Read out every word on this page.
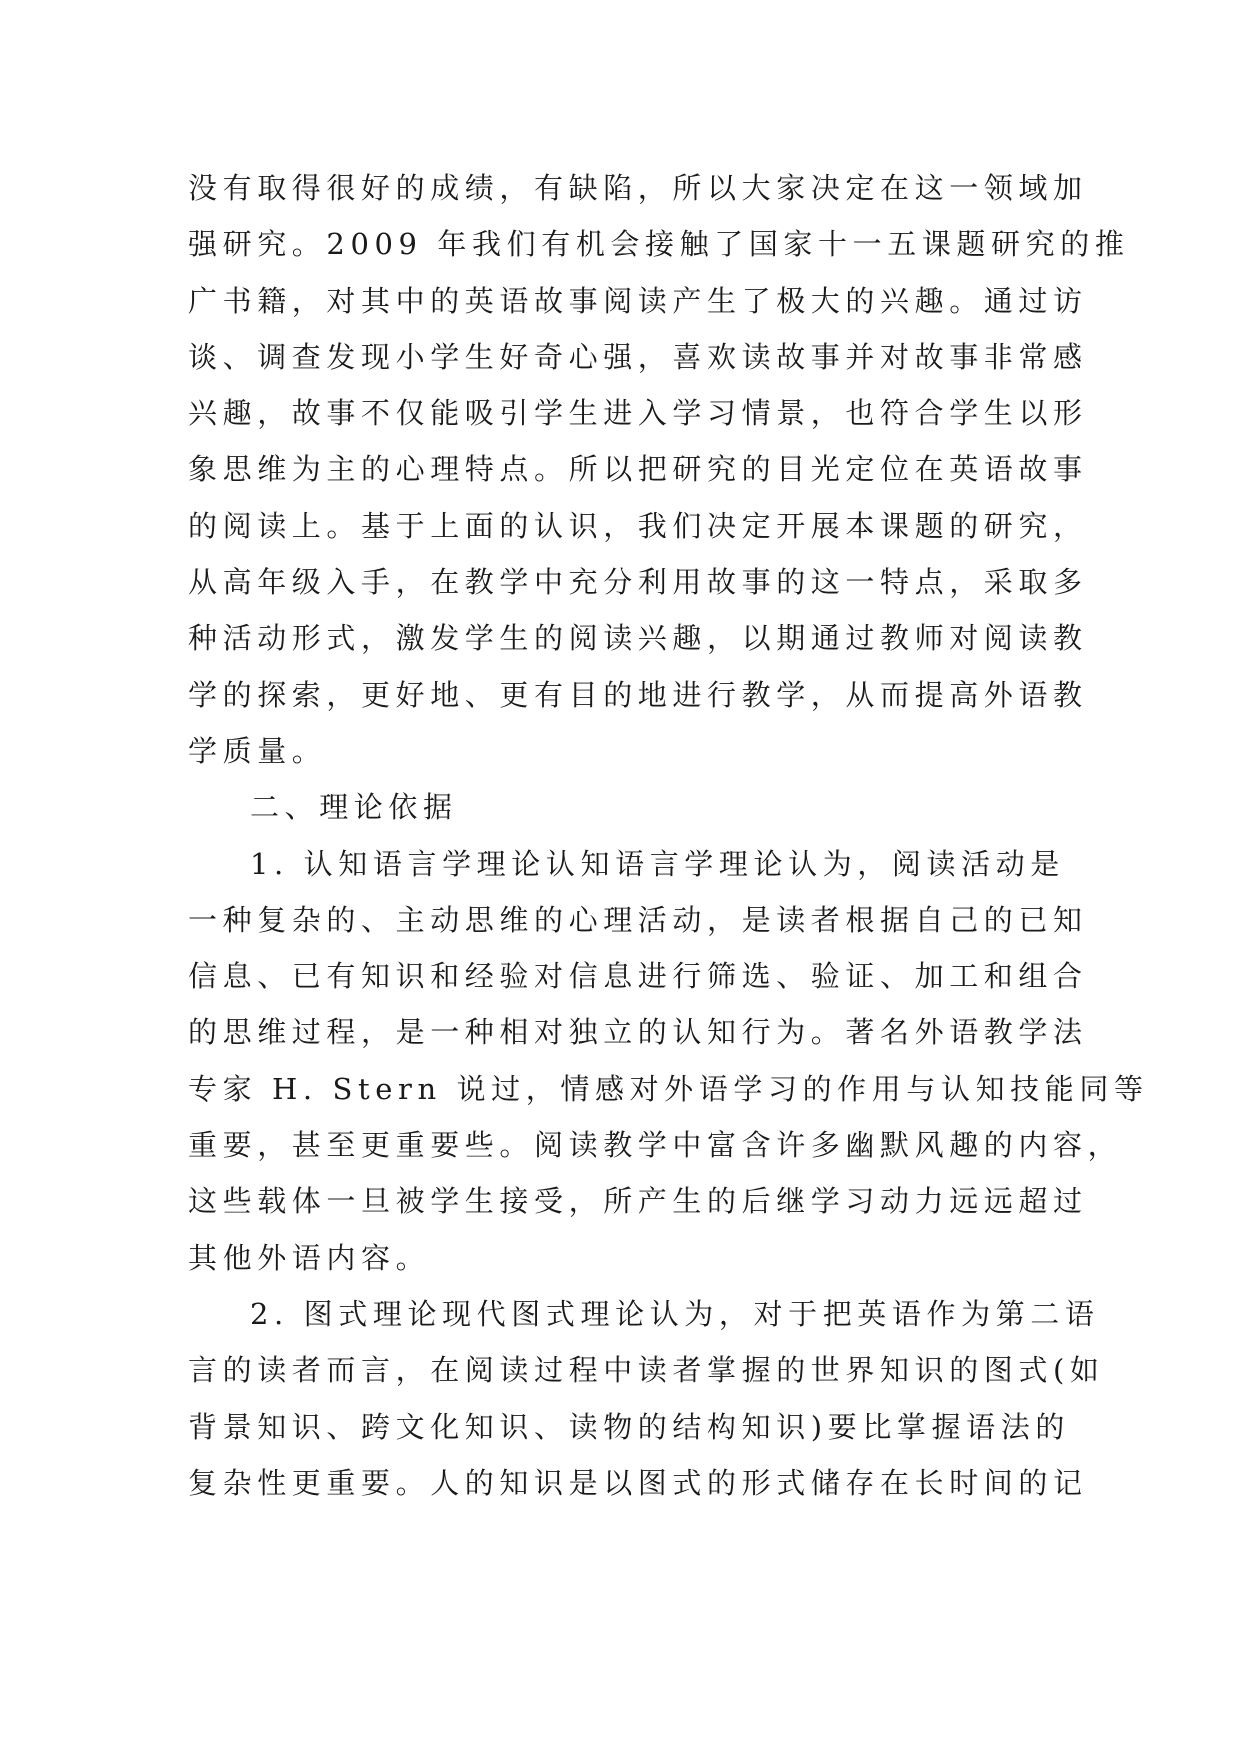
没有取得很好的成绩，有缺陷，所以大家决定在这一领域加
强研究。2009 年我们有机会接触了国家十一五课题研究的推
广书籍，对其中的英语故事阅读产生了极大的兴趣。通过访
谈、调查发现小学生好奇心强，喜欢读故事并对故事非常感
兴趣，故事不仅能吸引学生进入学习情景，也符合学生以形
象思维为主的心理特点。所以把研究的目光定位在英语故事
的阅读上。基于上面的认识，我们决定开展本课题的研究，
从高年级入手，在教学中充分利用故事的这一特点，采取多
种活动形式，激发学生的阅读兴趣，以期通过教师对阅读教
学的探索，更好地、更有目的地进行教学，从而提高外语教
学质量。
二、理论依据
1. 认知语言学理论认知语言学理论认为，阅读活动是
一种复杂的、主动思维的心理活动，是读者根据自己的已知
信息、已有知识和经验对信息进行筛选、验证、加工和组合
的思维过程，是一种相对独立的认知行为。著名外语教学法
专家 H. Stern 说过，情感对外语学习的作用与认知技能同等
重要，甚至更重要些。阅读教学中富含许多幽默风趣的内容，
这些载体一旦被学生接受，所产生的后继学习动力远远超过
其他外语内容。
2. 图式理论现代图式理论认为，对于把英语作为第二语
言的读者而言，在阅读过程中读者掌握的世界知识的图式(如
背景知识、跨文化知识、读物的结构知识)要比掌握语法的
复杂性更重要。人的知识是以图式的形式储存在长时间的记
